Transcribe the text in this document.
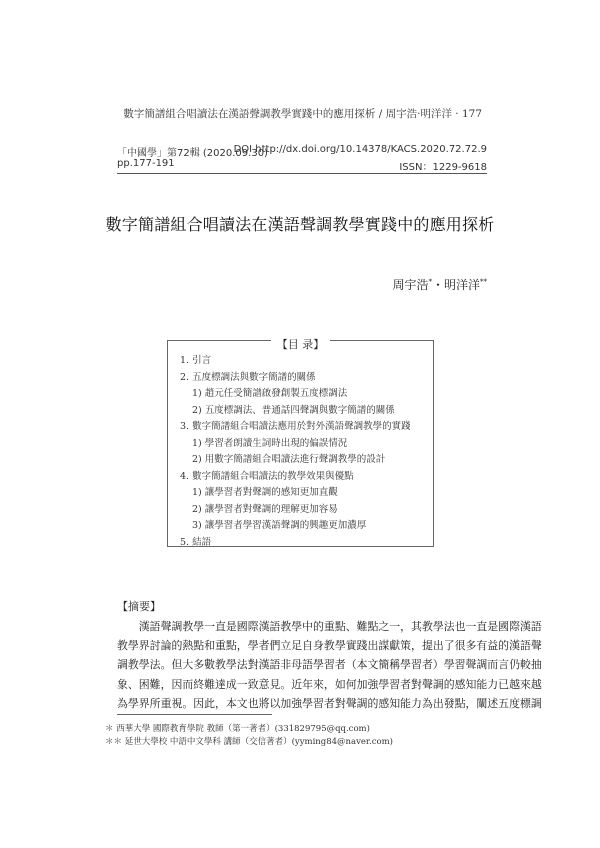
數字簡譜組合唱讀法在漢語聲調教學實踐中的應用探析 / 周宇浩·明洋洋 · 177
「中國學」第72輯 (2020.09.30)
DOI http://dx.doi.org/10.14378/KACS.2020.72.72.9
pp.177-191	ISSN：1229-9618
數字簡譜組合唱讀法在漢語聲調教學實踐中的應用探析
周宇浩*・明洋洋**
【目 录】
1. 引言
2. 五度標調法與數字簡譜的關係
1) 趙元任受簡譜啟發創製五度標調法
2) 五度標調法、普通話四聲調與數字簡譜的關係
3. 數字簡譜組合唱讀法應用於對外漢語聲調教學的實踐
1) 學習者朗讀生詞時出現的偏誤情況
2) 用數字簡譜組合唱讀法進行聲調教學的設計
4. 數字簡譜組合唱讀法的教學效果與優點
1) 讓學習者對聲調的感知更加直觀
2) 讓學習者對聲調的理解更加容易
3) 讓學習者學習漢語聲調的興趣更加濃厚
5. 結語
【摘要】

　　漢語聲調教學一直是國際漢語教學中的重點、難點之一，其教學法也一直是國際漢語
教學界討論的熱點和重點，學者們立足自身教學實踐出謀獻策，提出了很多有益的漢語聲
調教學法。但大多數教學法對漢語非母語學習者（本文簡稱學習者）學習聲調而言仍較抽
象、困難，因而終難達成一致意見。近年來，如何加強學習者對聲調的感知能力已越來越
為學界所重視。因此，本文也將以加強學習者對聲調的感知能力為出發點，闡述五度標調

＊ 西華大學 國際教育學院 教師（第一著者）(331829795@qq.com)
＊＊ 延世大學校 中語中文學科 講師（交信著者）(yyming84@naver.com)
